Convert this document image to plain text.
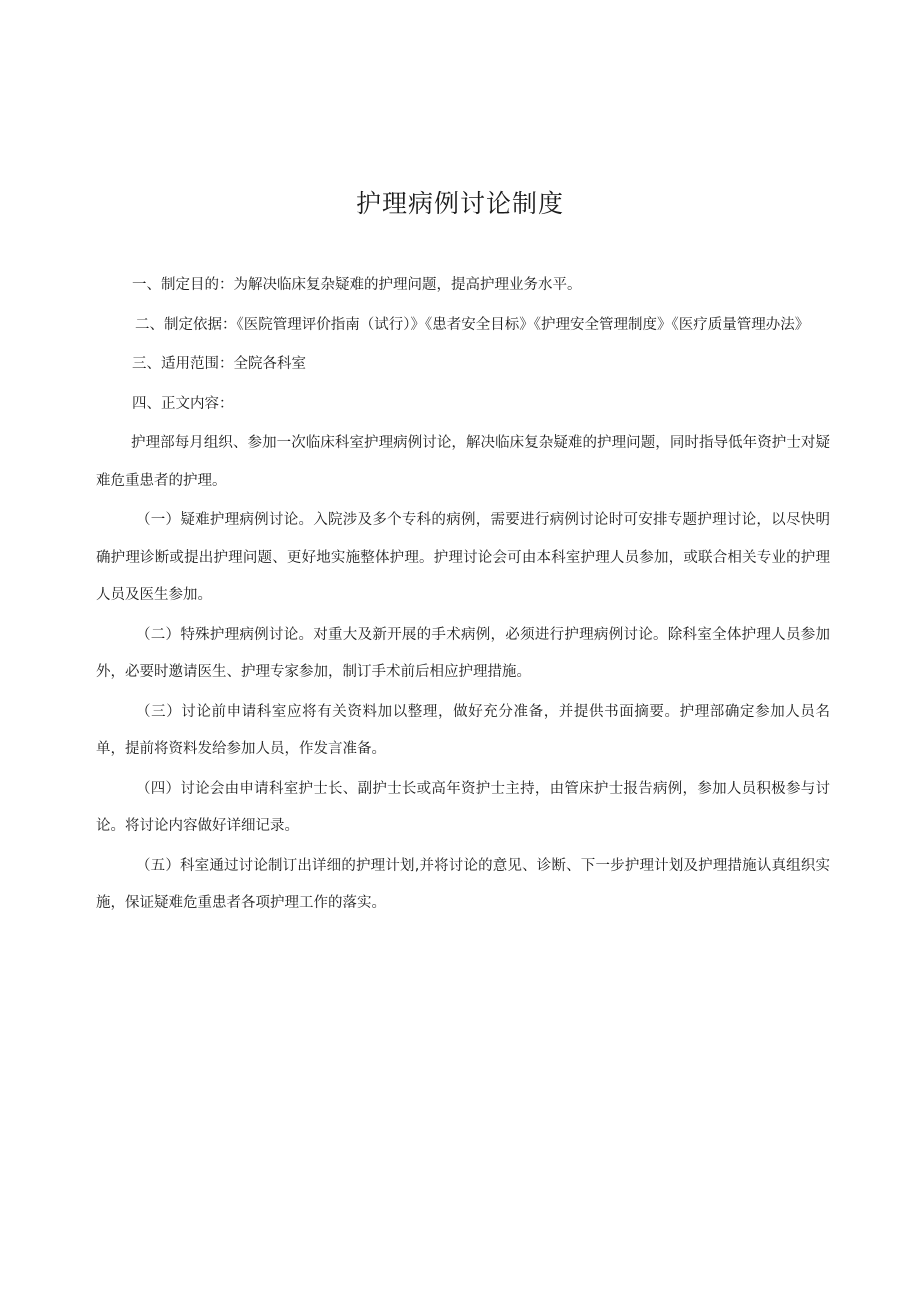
护理病例讨论制度

一、制定目的：为解决临床复杂疑难的护理问题，提高护理业务水平。

二、制定依据：《医院管理评价指南（试行）》《患者安全目标》《护理安全管理制度》《医疗质量管理办法》

三、适用范围：全院各科室

四、正文内容：

护理部每月组织、参加一次临床科室护理病例讨论，解决临床复杂疑难的护理问题，同时指导低年资护士对疑难危重患者的护理。

（一）疑难护理病例讨论。入院涉及多个专科的病例，需要进行病例讨论时可安排专题护理讨论，以尽快明确护理诊断或提出护理问题、更好地实施整体护理。护理讨论会可由本科室护理人员参加，或联合相关专业的护理人员及医生参加。

（二）特殊护理病例讨论。对重大及新开展的手术病例，必须进行护理病例讨论。除科室全体护理人员参加外，必要时邀请医生、护理专家参加，制订手术前后相应护理措施。

（三）讨论前申请科室应将有关资料加以整理，做好充分准备，并提供书面摘要。护理部确定参加人员名单，提前将资料发给参加人员，作发言准备。

（四）讨论会由申请科室护士长、副护士长或高年资护士主持，由管床护士报告病例，参加人员积极参与讨论。将讨论内容做好详细记录。

（五）科室通过讨论制订出详细的护理计划,并将讨论的意见、诊断、下一步护理计划及护理措施认真组织实施，保证疑难危重患者各项护理工作的落实。
